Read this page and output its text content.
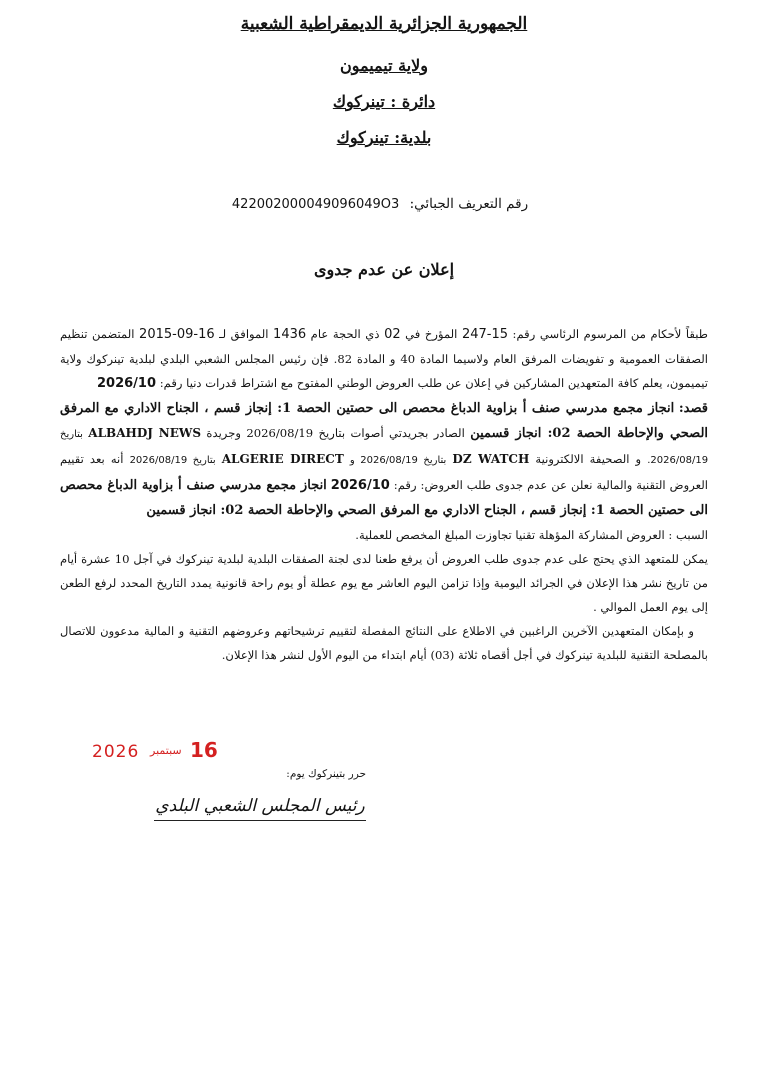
الجمهورية الجزائرية الديمقراطية الشعبية
ولاية تيميمون
دائرة : تينركوك
بلدية: تينركوك
رقم التعريف الجبائي: 422002000049096049O3
إعلان عن عدم جدوى

طبقاً لأحكام من المرسوم الرئاسي رقم: 15-247 المؤرخ في 02 ذي الحجة عام 1436 الموافق لـ 16-09-2015 المتضمن تنظيم الصفقات العمومية و تفويضات المرفق العام ولاسيما المادة 40 و المادة 82. فإن رئيس المجلس الشعبي البلدي لبلدية تينركوك ولاية تيميمون، يعلم كافة المتعهدين المشاركين في إعلان عن طلب العروض الوطني المفتوح مع اشتراط قدرات دنيا رقم: 2026/10

قصد: انجاز مجمع مدرسي صنف أ بزاوية الدباغ محصص الى حصتين الحصة 1: إنجاز قسم ، الجناح الاداري مع المرفق الصحي والإحاطة الحصة 02: انجاز قسمين الصادر بجريدتي أصوات بتاريخ 2026/08/19 وجريدة ALBAHDJ NEWS بتاريخ 2026/08/19. و الصحيفة الالكترونية DZ WATCH بتاريخ 2026/08/19 و ALGERIE DIRECT بتاريخ 2026/08/19 أنه بعد تقييم العروض التقنية والمالية نعلن عن عدم جدوى طلب العروض: رقم: 2026/10 انجاز مجمع مدرسي صنف أ بزاوية الدباغ محصص الى حصتين الحصة 1: إنجاز قسم ، الجناح الاداري مع المرفق الصحي والإحاطة الحصة 02: انجاز قسمين

السبب : العروض المشاركة المؤهلة تقنيا تجاوزت المبلغ المخصص للعملية.

يمكن للمتعهد الذي يحتج على عدم جدوى طلب العروض أن يرفع طعنا لدى لجنة الصفقات البلدية لبلدية تينركوك في آجل 10 عشرة أيام من تاريخ نشر هذا الإعلان في الجرائد اليومية وإذا تزامن اليوم العاشر مع يوم عطلة أو يوم راحة قانونية يمدد التاريخ المحدد لرفع الطعن إلى يوم العمل الموالي .

و بإمكان المتعهدين الآخرين الراغبين في الاطلاع على النتائج المفصلة لتقييم ترشيحاتهم وعروضهم التقنية و المالية مدعوون للاتصال بالمصلحة التقنية للبلدية تينركوك في أجل أقصاه ثلاثة (03) أيام ابتداء من اليوم الأول لنشر هذا الإعلان.

2026 سبتمبر 16
حرر بتينركوك يوم:
رئيس المجلس الشعبي البلدي
